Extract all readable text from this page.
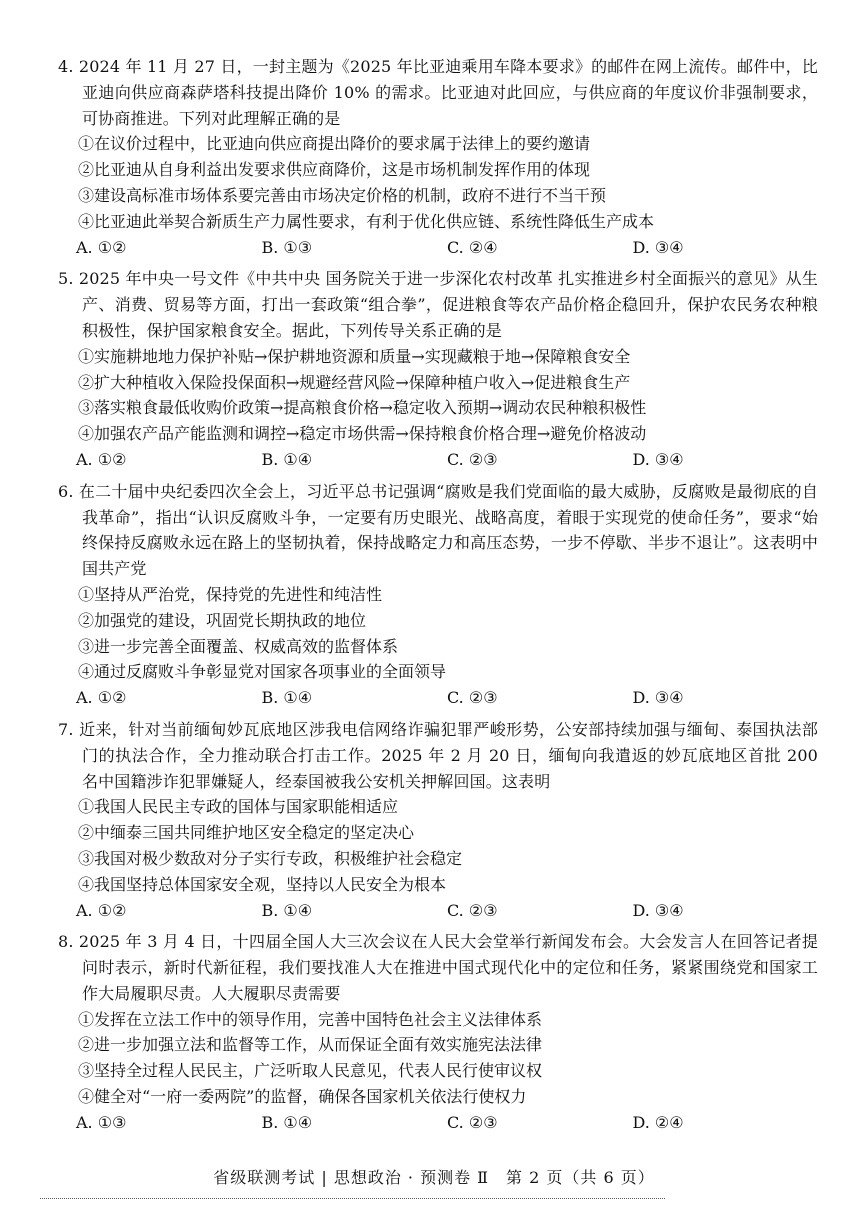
4. 2024 年 11 月 27 日，一封主题为《2025 年比亚迪乘用车降本要求》的邮件在网上流传。邮件中，比亚迪向供应商森萨塔科技提出降价 10% 的需求。比亚迪对此回应，与供应商的年度议价非强制要求，可协商推进。下列对此理解正确的是

①在议价过程中，比亚迪向供应商提出降价的要求属于法律上的要约邀请
②比亚迪从自身利益出发要求供应商降价，这是市场机制发挥作用的体现
③建设高标准市场体系要完善由市场决定价格的机制，政府不进行不当干预
④比亚迪此举契合新质生产力属性要求，有利于优化供应链、系统性降低生产成本
A. ①②	B. ①③	C. ②④	D. ③④

5. 2025 年中央一号文件《中共中央 国务院关于进一步深化农村改革 扎实推进乡村全面振兴的意见》从生产、消费、贸易等方面，打出一套政策“组合拳”，促进粮食等农产品价格企稳回升，保护农民务农种粮积极性，保护国家粮食安全。据此，下列传导关系正确的是

①实施耕地地力保护补贴→保护耕地资源和质量→实现藏粮于地→保障粮食安全
②扩大种植收入保险投保面积→规避经营风险→保障种植户收入→促进粮食生产
③落实粮食最低收购价政策→提高粮食价格→稳定收入预期→调动农民种粮积极性
④加强农产品产能监测和调控→稳定市场供需→保持粮食价格合理→避免价格波动
A. ①②	B. ①④	C. ②③	D. ③④

6. 在二十届中央纪委四次全会上，习近平总书记强调“腐败是我们党面临的最大威胁，反腐败是最彻底的自我革命”，指出“认识反腐败斗争，一定要有历史眼光、战略高度，着眼于实现党的使命任务”，要求“始终保持反腐败永远在路上的坚韧执着，保持战略定力和高压态势，一步不停歇、半步不退让”。这表明中国共产党

①坚持从严治党，保持党的先进性和纯洁性
②加强党的建设，巩固党长期执政的地位
③进一步完善全面覆盖、权威高效的监督体系
④通过反腐败斗争彰显党对国家各项事业的全面领导
A. ①②	B. ①④	C. ②③	D. ③④

7. 近来，针对当前缅甸妙瓦底地区涉我电信网络诈骗犯罪严峻形势，公安部持续加强与缅甸、泰国执法部门的执法合作，全力推动联合打击工作。2025 年 2 月 20 日，缅甸向我遣返的妙瓦底地区首批 200 名中国籍涉诈犯罪嫌疑人，经泰国被我公安机关押解回国。这表明

①我国人民民主专政的国体与国家职能相适应
②中缅泰三国共同维护地区安全稳定的坚定决心
③我国对极少数敌对分子实行专政，积极维护社会稳定
④我国坚持总体国家安全观，坚持以人民安全为根本
A. ①②	B. ①④	C. ②③	D. ③④

8. 2025 年 3 月 4 日，十四届全国人大三次会议在人民大会堂举行新闻发布会。大会发言人在回答记者提问时表示，新时代新征程，我们要找准人大在推进中国式现代化中的定位和任务，紧紧围绕党和国家工作大局履职尽责。人大履职尽责需要

①发挥在立法工作中的领导作用，完善中国特色社会主义法律体系
②进一步加强立法和监督等工作，从而保证全面有效实施宪法法律
③坚持全过程人民民主，广泛听取人民意见，代表人民行使审议权
④健全对“一府一委两院”的监督，确保各国家机关依法行使权力
A. ①③	B. ①④	C. ②③	D. ②④
省级联测考试 | 思想政治 · 预测卷 Ⅱ　第 2 页（共 6 页）
